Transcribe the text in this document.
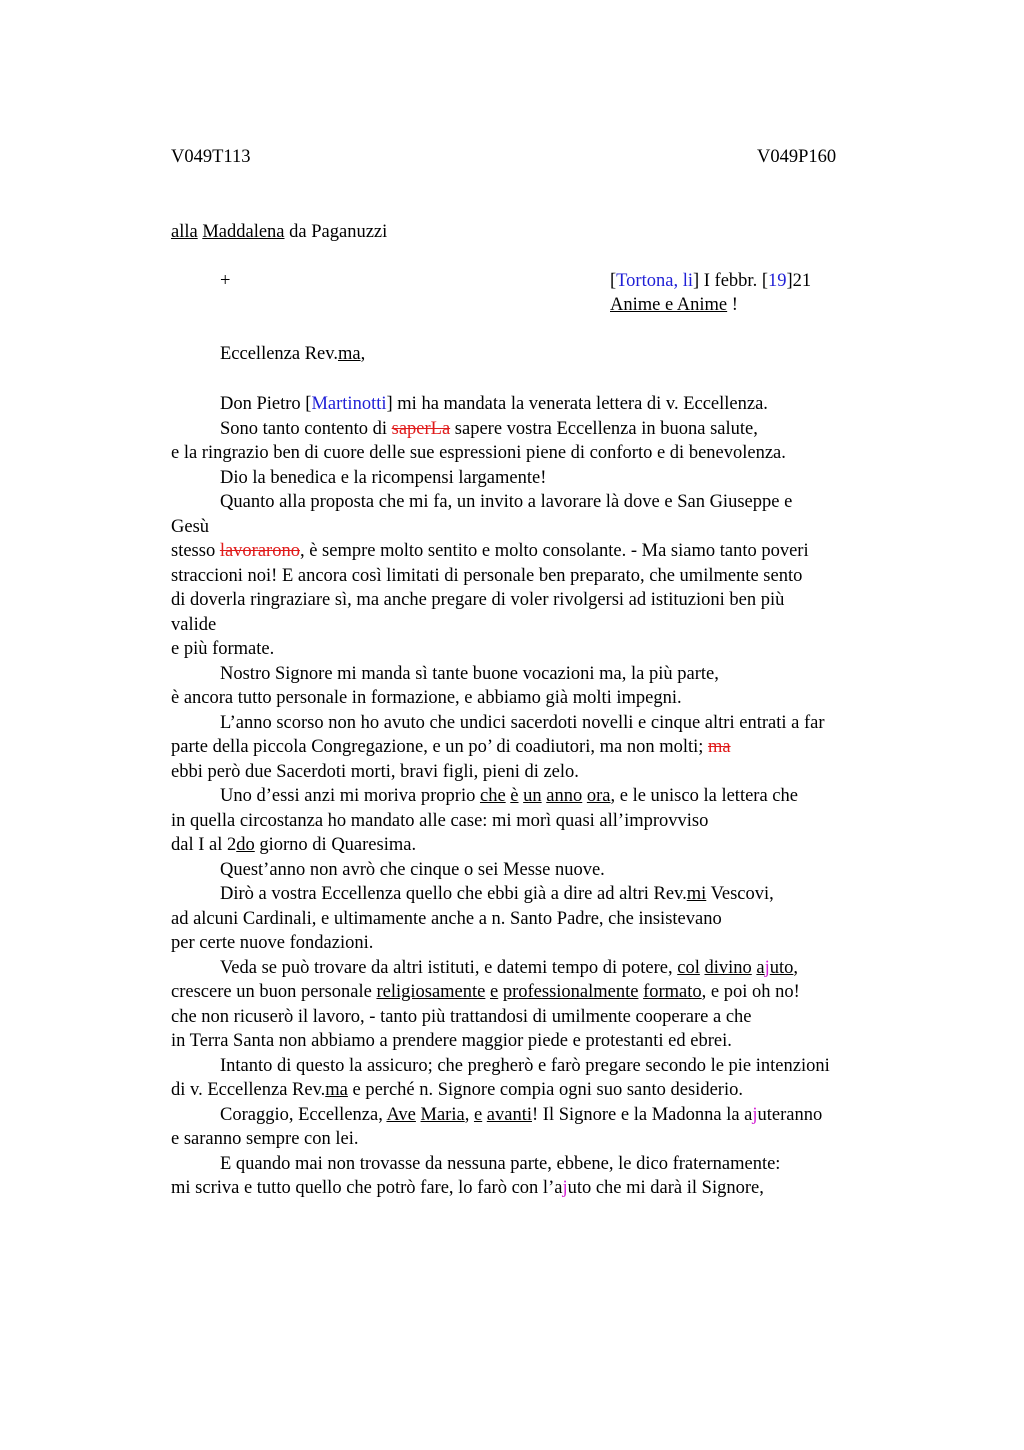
V049T113	V049P160
alla Maddalena da Paganuzzi
+	[Tortona, li] I febbr. [19]21
Anime e Anime !
Eccellenza Rev.ma,
Don Pietro [Martinotti] mi ha mandata la venerata lettera di v. Eccellenza.
Sono tanto contento di saperLa sapere vostra Eccellenza in buona salute,
e la ringrazio ben di cuore delle sue espressioni piene di conforto e di benevolenza.
Dio la benedica e la ricompensi largamente!
Quanto alla proposta che mi fa, un invito a lavorare là dove e San Giuseppe e
Gesù
stesso lavorarono, è sempre molto sentito e molto consolante. - Ma siamo tanto poveri
straccioni noi! E ancora così limitati di personale ben preparato, che umilmente sento
di doverla ringraziare sì, ma anche pregare di voler rivolgersi ad istituzioni ben più
valide
e più formate.
Nostro Signore mi manda sì tante buone vocazioni ma, la più parte,
è ancora tutto personale in formazione, e abbiamo già molti impegni.
L’anno scorso non ho avuto che undici sacerdoti novelli e cinque altri entrati a far
parte della piccola Congregazione, e un po’ di coadiutori, ma non molti; ma
ebbi però due Sacerdoti morti, bravi figli, pieni di zelo.
Uno d’essi anzi mi moriva proprio che è un anno ora, e le unisco la lettera che
in quella circostanza ho mandato alle case: mi morì quasi all’improvviso
dal I al 2do giorno di Quaresima.
Quest’anno non avrò che cinque o sei Messe nuove.
Dirò a vostra Eccellenza quello che ebbi già a dire ad altri Rev.mi Vescovi,
ad alcuni Cardinali, e ultimamente anche a n. Santo Padre, che insistevano
per certe nuove fondazioni.
Veda se può trovare da altri istituti, e datemi tempo di potere, col divino ajuto,
crescere un buon personale religiosamente e professionalmente formato, e poi oh no!
che non ricuserò il lavoro, - tanto più trattandosi di umilmente cooperare a che
in Terra Santa non abbiamo a prendere maggior piede e protestanti ed ebrei.
Intanto di questo la assicuro; che pregherò e farò pregare secondo le pie intenzioni
di v. Eccellenza Rev.ma e perché n. Signore compia ogni suo santo desiderio.
Coraggio, Eccellenza, Ave Maria, e avanti! Il Signore e la Madonna la ajuteranno
e saranno sempre con lei.
E quando mai non trovasse da nessuna parte, ebbene, le dico fraternamente:
mi scriva e tutto quello che potrò fare, lo farò con l’ajuto che mi darà il Signore,
